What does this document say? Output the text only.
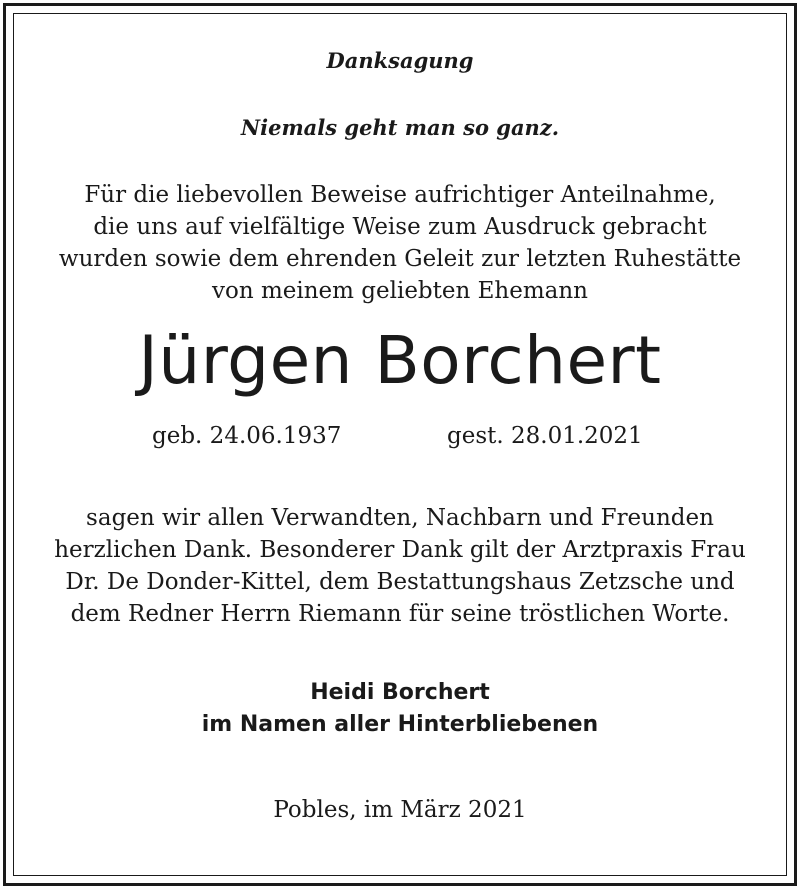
Danksagung
Niemals geht man so ganz.
Für die liebevollen Beweise aufrichtiger Anteilnahme,
die uns auf vielfältige Weise zum Ausdruck gebracht
wurden sowie dem ehrenden Geleit zur letzten Ruhestätte
von meinem geliebten Ehemann
Jürgen Borchert
geb. 24.06.1937	gest. 28.01.2021
sagen wir allen Verwandten, Nachbarn und Freunden
herzlichen Dank. Besonderer Dank gilt der Arztpraxis Frau
Dr. De Donder-Kittel, dem Bestattungshaus Zetzsche und
dem Redner Herrn Riemann für seine tröstlichen Worte.
Heidi Borchert
im Namen aller Hinterbliebenen
Pobles, im März 2021
